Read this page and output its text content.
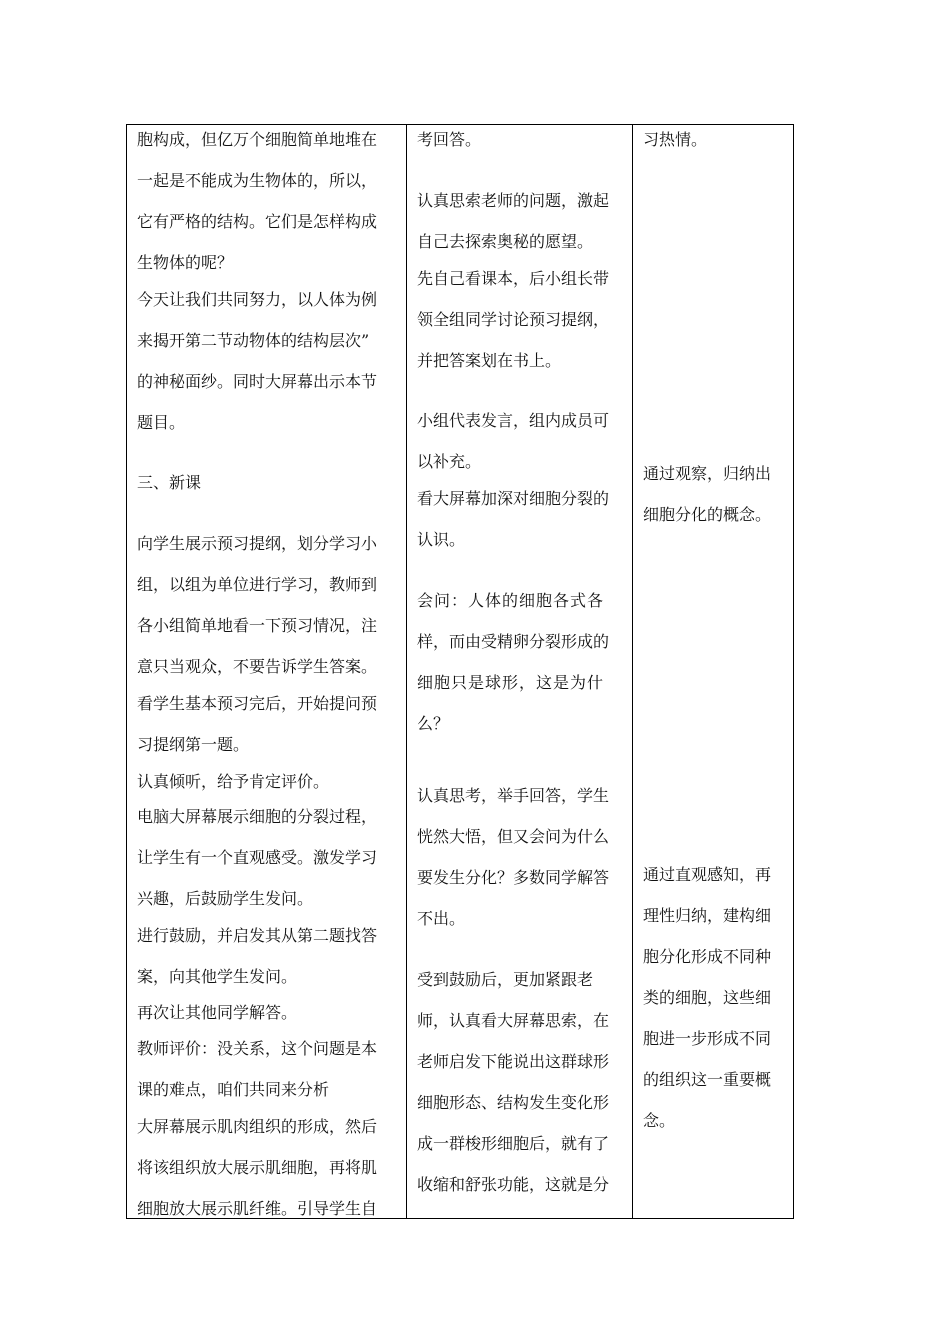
胞构成，但亿万个细胞简单地堆在

一起是不能成为生物体的，所以，

它有严格的结构。它们是怎样构成

生物体的呢？

今天让我们共同努力，以人体为例

来揭开第二节动物体的结构层次”

的神秘面纱。同时大屏幕出示本节

题目。

三、新课

向学生展示预习提纲，划分学习小

组，以组为单位进行学习，教师到

各小组简单地看一下预习情况，注

意只当观众，不要告诉学生答案。

看学生基本预习完后，开始提问预

习提纲第一题。

认真倾听，给予肯定评价。

电脑大屏幕展示细胞的分裂过程，

让学生有一个直观感受。激发学习

兴趣，后鼓励学生发问。

进行鼓励，并启发其从第二题找答

案，向其他学生发问。

再次让其他同学解答。

教师评价：没关系，这个问题是本

课的难点，咱们共同来分析

大屏幕展示肌肉组织的形成，然后

将该组织放大展示肌细胞，再将肌

细胞放大展示肌纤维。引导学生自

考回答。

认真思索老师的问题，激起

自己去探索奥秘的愿望。

先自己看课本，后小组长带

领全组同学讨论预习提纲，

并把答案划在书上。

小组代表发言，组内成员可

以补充。

看大屏幕加深对细胞分裂的

认识。

会问：人体的细胞各式各

样，而由受精卵分裂形成的

细胞只是球形，这是为什

么？

认真思考，举手回答，学生

恍然大悟，但又会问为什么

要发生分化？多数同学解答

不出。

受到鼓励后，更加紧跟老

师，认真看大屏幕思索，在

老师启发下能说出这群球形

细胞形态、结构发生变化形

成一群梭形细胞后，就有了

收缩和舒张功能，这就是分

习热情。

通过观察，归纳出

细胞分化的概念。

通过直观感知，再

理性归纳，建构细

胞分化形成不同种

类的细胞，这些细

胞进一步形成不同

的组织这一重要概

念。
